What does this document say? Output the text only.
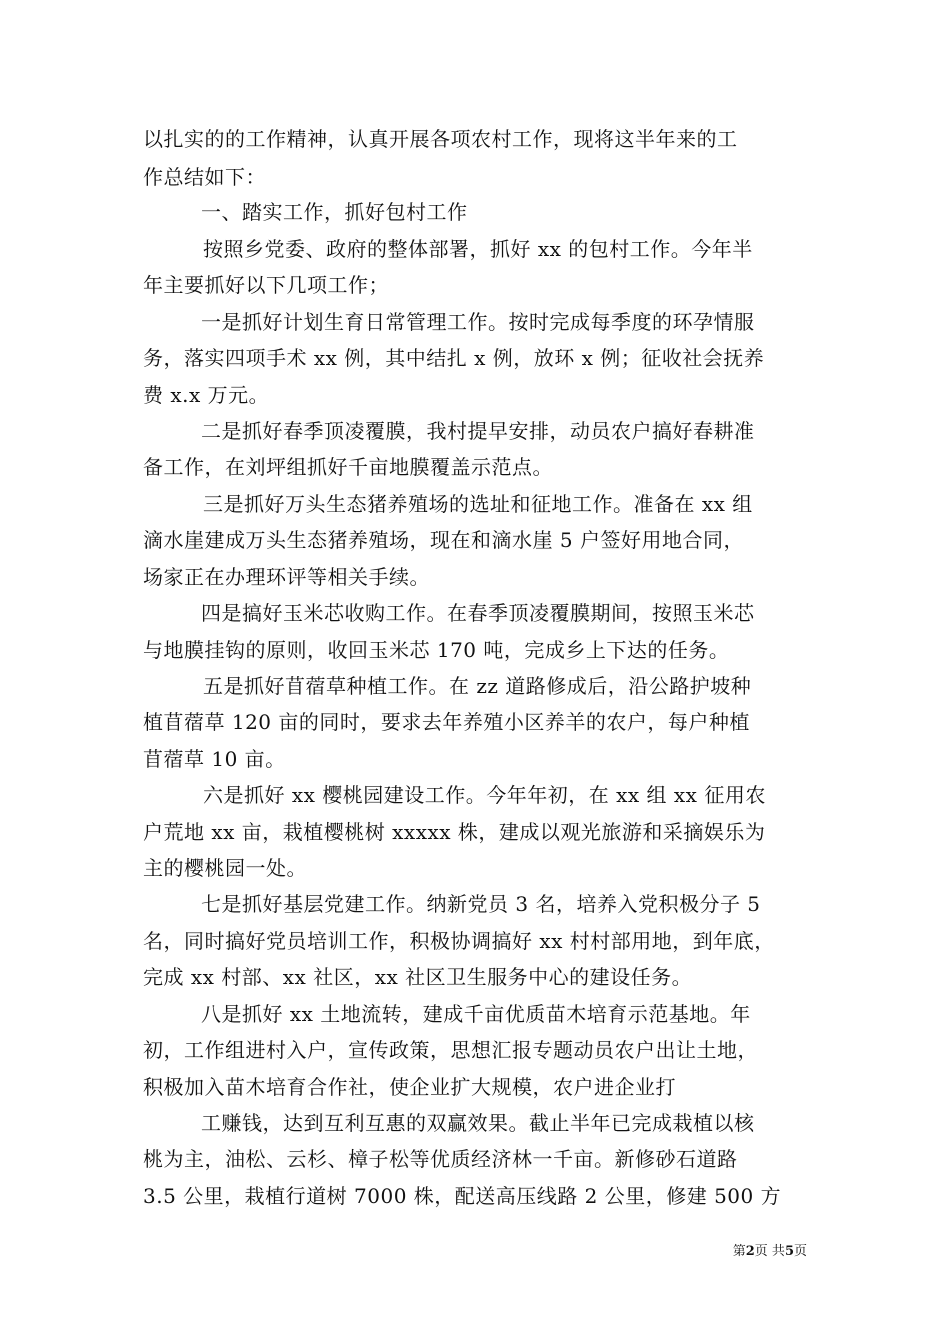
以扎实的的工作精神，认真开展各项农村工作，现将这半年来的工
作总结如下：
一、踏实工作，抓好包村工作
按照乡党委、政府的整体部署，抓好 xx 的包村工作。今年半
年主要抓好以下几项工作；
一是抓好计划生育日常管理工作。按时完成每季度的环孕情服
务，落实四项手术 xx 例，其中结扎 x 例，放环 x 例；征收社会抚养
费 x.x 万元。
二是抓好春季顶凌覆膜，我村提早安排，动员农户搞好春耕准
备工作，在刘坪组抓好千亩地膜覆盖示范点。
三是抓好万头生态猪养殖场的选址和征地工作。准备在 xx 组
滴水崖建成万头生态猪养殖场，现在和滴水崖 5 户签好用地合同，
场家正在办理环评等相关手续。
四是搞好玉米芯收购工作。在春季顶凌覆膜期间，按照玉米芯
与地膜挂钩的原则，收回玉米芯 170 吨，完成乡上下达的任务。
五是抓好苜蓿草种植工作。在 zz 道路修成后，沿公路护坡种
植苜蓿草 120 亩的同时，要求去年养殖小区养羊的农户，每户种植
苜蓿草 10 亩。
六是抓好 xx 樱桃园建设工作。今年年初，在 xx 组 xx 征用农
户荒地 xx 亩，栽植樱桃树 xxxxx 株，建成以观光旅游和采摘娱乐为
主的樱桃园一处。
七是抓好基层党建工作。纳新党员 3 名，培养入党积极分子 5
名，同时搞好党员培训工作，积极协调搞好 xx 村村部用地，到年底，
完成 xx 村部、xx 社区，xx 社区卫生服务中心的建设任务。
八是抓好 xx 土地流转，建成千亩优质苗木培育示范基地。年
初，工作组进村入户，宣传政策，思想汇报专题动员农户出让土地，
积极加入苗木培育合作社，使企业扩大规模，农户进企业打
工赚钱，达到互利互惠的双赢效果。截止半年已完成栽植以核
桃为主，油松、云杉、樟子松等优质经济林一千亩。新修砂石道路
3.5 公里，栽植行道树 7000 株，配送高压线路 2 公里，修建 500 方
第2页 共5页
